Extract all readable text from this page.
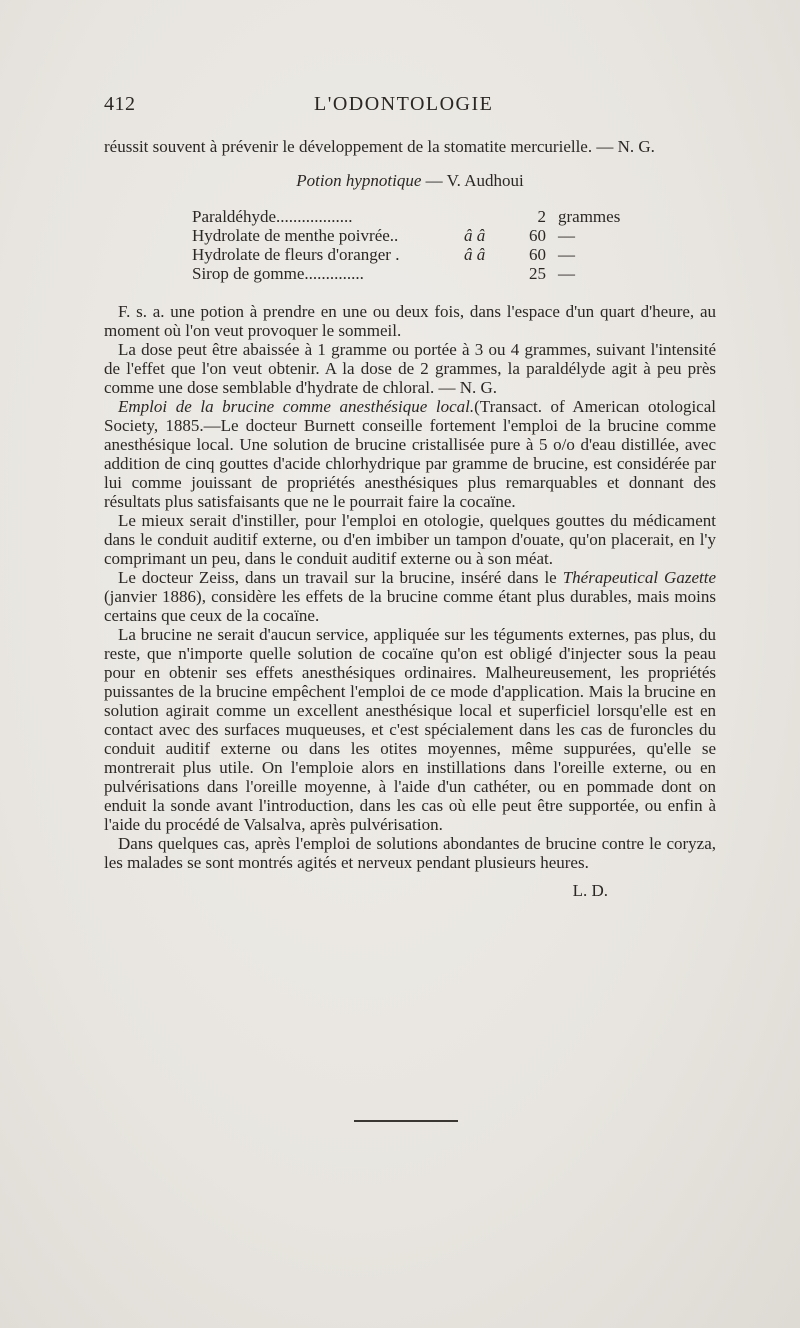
412	L'ODONTOLOGIE

réussit souvent à prévenir le développement de la stomatite mercurielle. — N. G.

Potion hypnotique — V. Audhoui

Paraldéhyde..................		2	grammes
Hydrolate de menthe poivrée..	â â	60	—
Hydrolate de fleurs d'oranger .	â â	60	—
Sirop de gomme..............		25	—

F. s. a. une potion à prendre en une ou deux fois, dans l'espace d'un quart d'heure, au moment où l'on veut provoquer le sommeil.

La dose peut être abaissée à 1 gramme ou portée à 3 ou 4 grammes, suivant l'intensité de l'effet que l'on veut obtenir. A la dose de 2 grammes, la paraldélyde agit à peu près comme une dose semblable d'hydrate de chloral. — N. G.

Emploi de la brucine comme anesthésique local.(Transact. of American otological Society, 1885.—Le docteur Burnett conseille fortement l'emploi de la brucine comme anesthésique local. Une solution de brucine cristallisée pure à 5 o/o d'eau distillée, avec addition de cinq gouttes d'acide chlorhydrique par gramme de brucine, est considérée par lui comme jouissant de propriétés anesthésiques plus remarquables et donnant des résultats plus satisfaisants que ne le pourrait faire la cocaïne.

Le mieux serait d'instiller, pour l'emploi en otologie, quelques gouttes du médicament dans le conduit auditif externe, ou d'en imbiber un tampon d'ouate, qu'on placerait, en l'y comprimant un peu, dans le conduit auditif externe ou à son méat.

Le docteur Zeiss, dans un travail sur la brucine, inséré dans le Thérapeutical Gazette (janvier 1886), considère les effets de la brucine comme étant plus durables, mais moins certains que ceux de la cocaïne.

La brucine ne serait d'aucun service, appliquée sur les téguments externes, pas plus, du reste, que n'importe quelle solution de cocaïne qu'on est obligé d'injecter sous la peau pour en obtenir ses effets anesthésiques ordinaires. Malheureusement, les propriétés puissantes de la brucine empêchent l'emploi de ce mode d'application. Mais la brucine en solution agirait comme un excellent anesthésique local et superficiel lorsqu'elle est en contact avec des surfaces muqueuses, et c'est spécialement dans les cas de furoncles du conduit auditif externe ou dans les otites moyennes, même suppurées, qu'elle se montrerait plus utile. On l'emploie alors en instillations dans l'oreille externe, ou en pulvérisations dans l'oreille moyenne, à l'aide d'un cathéter, ou en pommade dont on enduit la sonde avant l'introduction, dans les cas où elle peut être supportée, ou enfin à l'aide du procédé de Valsalva, après pulvérisation.

Dans quelques cas, après l'emploi de solutions abondantes de brucine contre le coryza, les malades se sont montrés agités et nerveux pendant plusieurs heures.

L. D.
